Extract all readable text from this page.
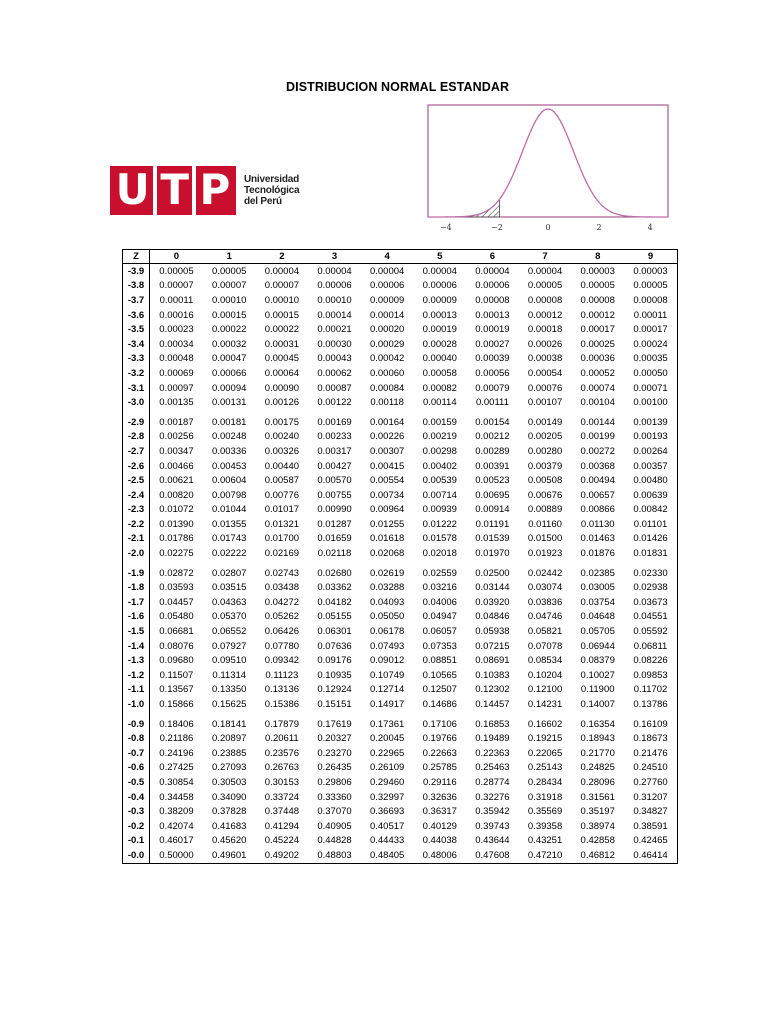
DISTRIBUCION NORMAL ESTANDAR
U T P Universidad
Tecnológica
del Perú
−4	−2	0	2	4
Z	0	1	2	3	4	5	6	7	8	9
-3.9	0.00005	0.00005	0.00004	0.00004	0.00004	0.00004	0.00004	0.00004	0.00003	0.00003
-3.8	0.00007	0.00007	0.00007	0.00006	0.00006	0.00006	0.00006	0.00005	0.00005	0.00005
-3.7	0.00011	0.00010	0.00010	0.00010	0.00009	0.00009	0.00008	0.00008	0.00008	0.00008
-3.6	0.00016	0.00015	0.00015	0.00014	0.00014	0.00013	0.00013	0.00012	0.00012	0.00011
-3.5	0.00023	0.00022	0.00022	0.00021	0.00020	0.00019	0.00019	0.00018	0.00017	0.00017
-3.4	0.00034	0.00032	0.00031	0.00030	0.00029	0.00028	0.00027	0.00026	0.00025	0.00024
-3.3	0.00048	0.00047	0.00045	0.00043	0.00042	0.00040	0.00039	0.00038	0.00036	0.00035
-3.2	0.00069	0.00066	0.00064	0.00062	0.00060	0.00058	0.00056	0.00054	0.00052	0.00050
-3.1	0.00097	0.00094	0.00090	0.00087	0.00084	0.00082	0.00079	0.00076	0.00074	0.00071
-3.0	0.00135	0.00131	0.00126	0.00122	0.00118	0.00114	0.00111	0.00107	0.00104	0.00100
-2.9	0.00187	0.00181	0.00175	0.00169	0.00164	0.00159	0.00154	0.00149	0.00144	0.00139
-2.8	0.00256	0.00248	0.00240	0.00233	0.00226	0.00219	0.00212	0.00205	0.00199	0.00193
-2.7	0.00347	0.00336	0.00326	0.00317	0.00307	0.00298	0.00289	0.00280	0.00272	0.00264
-2.6	0.00466	0.00453	0.00440	0.00427	0.00415	0.00402	0.00391	0.00379	0.00368	0.00357
-2.5	0.00621	0.00604	0.00587	0.00570	0.00554	0.00539	0.00523	0.00508	0.00494	0.00480
-2.4	0.00820	0.00798	0.00776	0.00755	0.00734	0.00714	0.00695	0.00676	0.00657	0.00639
-2.3	0.01072	0.01044	0.01017	0.00990	0.00964	0.00939	0.00914	0.00889	0.00866	0.00842
-2.2	0.01390	0.01355	0.01321	0.01287	0.01255	0.01222	0.01191	0.01160	0.01130	0.01101
-2.1	0.01786	0.01743	0.01700	0.01659	0.01618	0.01578	0.01539	0.01500	0.01463	0.01426
-2.0	0.02275	0.02222	0.02169	0.02118	0.02068	0.02018	0.01970	0.01923	0.01876	0.01831
-1.9	0.02872	0.02807	0.02743	0.02680	0.02619	0.02559	0.02500	0.02442	0.02385	0.02330
-1.8	0.03593	0.03515	0.03438	0.03362	0.03288	0.03216	0.03144	0.03074	0.03005	0.02938
-1.7	0.04457	0.04363	0.04272	0.04182	0.04093	0.04006	0.03920	0.03836	0.03754	0.03673
-1.6	0.05480	0.05370	0.05262	0.05155	0.05050	0.04947	0.04846	0.04746	0.04648	0.04551
-1.5	0.06681	0.06552	0.06426	0.06301	0.06178	0.06057	0.05938	0.05821	0.05705	0.05592
-1.4	0.08076	0.07927	0.07780	0.07636	0.07493	0.07353	0.07215	0.07078	0.06944	0.06811
-1.3	0.09680	0.09510	0.09342	0.09176	0.09012	0.08851	0.08691	0.08534	0.08379	0.08226
-1.2	0.11507	0.11314	0.11123	0.10935	0.10749	0.10565	0.10383	0.10204	0.10027	0.09853
-1.1	0.13567	0.13350	0.13136	0.12924	0.12714	0.12507	0.12302	0.12100	0.11900	0.11702
-1.0	0.15866	0.15625	0.15386	0.15151	0.14917	0.14686	0.14457	0.14231	0.14007	0.13786
-0.9	0.18406	0.18141	0.17879	0.17619	0.17361	0.17106	0.16853	0.16602	0.16354	0.16109
-0.8	0.21186	0.20897	0.20611	0.20327	0.20045	0.19766	0.19489	0.19215	0.18943	0.18673
-0.7	0.24196	0.23885	0.23576	0.23270	0.22965	0.22663	0.22363	0.22065	0.21770	0.21476
-0.6	0.27425	0.27093	0.26763	0.26435	0.26109	0.25785	0.25463	0.25143	0.24825	0.24510
-0.5	0.30854	0.30503	0.30153	0.29806	0.29460	0.29116	0.28774	0.28434	0.28096	0.27760
-0.4	0.34458	0.34090	0.33724	0.33360	0.32997	0.32636	0.32276	0.31918	0.31561	0.31207
-0.3	0.38209	0.37828	0.37448	0.37070	0.36693	0.36317	0.35942	0.35569	0.35197	0.34827
-0.2	0.42074	0.41683	0.41294	0.40905	0.40517	0.40129	0.39743	0.39358	0.38974	0.38591
-0.1	0.46017	0.45620	0.45224	0.44828	0.44433	0.44038	0.43644	0.43251	0.42858	0.42465
-0.0	0.50000	0.49601	0.49202	0.48803	0.48405	0.48006	0.47608	0.47210	0.46812	0.46414
